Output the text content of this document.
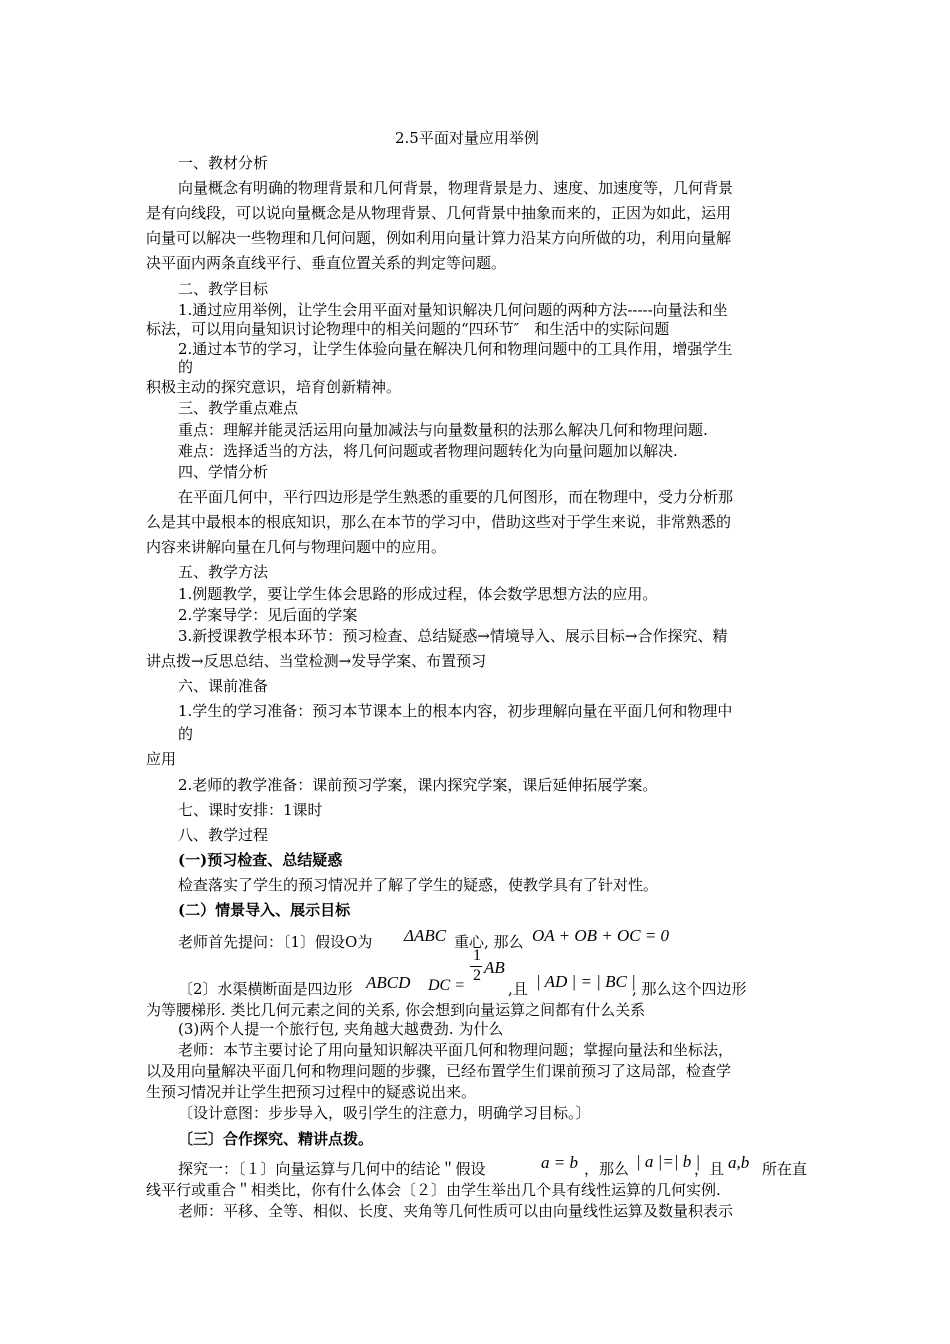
2.5平面对量应用举例
一、教材分析
向量概念有明确的物理背景和几何背景，物理背景是力、速度、加速度等，几何背景
是有向线段，可以说向量概念是从物理背景、几何背景中抽象而来的，正因为如此，运用
向量可以解决一些物理和几何问题，例如利用向量计算力沿某方向所做的功，利用向量解
决平面内两条直线平行、垂直位置关系的判定等问题。
二、教学目标
1.通过应用举例，让学生会用平面对量知识解决几何问题的两种方法-----向量法和坐
标法，可以用向量知识讨论物理中的相关问题的“四环节″　和生活中的实际问题
2.通过本节的学习，让学生体验向量在解决几何和物理问题中的工具作用，增强学生
的
积极主动的探究意识，培育创新精神。
三、教学重点难点
重点：理解并能灵活运用向量加减法与向量数量积的法那么解决几何和物理问题.
难点：选择适当的方法，将几何问题或者物理问题转化为向量问题加以解决.
四、学情分析
在平面几何中，平行四边形是学生熟悉的重要的几何图形，而在物理中，受力分析那
么是其中最根本的根底知识，那么在本节的学习中，借助这些对于学生来说，非常熟悉的
内容来讲解向量在几何与物理问题中的应用。
五、教学方法
1.例题教学，要让学生体会思路的形成过程，体会数学思想方法的应用。
2.学案导学：见后面的学案
3.新授课教学根本环节：预习检查、总结疑惑→情境导入、展示目标→合作探究、精
讲点拨→反思总结、当堂检测→发导学案、布置预习
六、课前准备
1.学生的学习准备：预习本节课本上的根本内容，初步理解向量在平面几何和物理中
的
应用
2.老师的教学准备：课前预习学案，课内探究学案，课后延伸拓展学案。
七、课时安排：1课时
八、教学过程
(一)预习检查、总结疑惑
检查落实了学生的预习情况并了解了学生的疑惑，使教学具有了针对性。
(二）情景导入、展示目标
老师首先提问：〔1〕假设O为 ΔABC 重心, 那么 OA + OB + OC = 0
1
2 AB
〔2〕水渠横断面是四边形 ABCD DC =	,且 | AD | = | BC |
, 那么这个四边形
为等腰梯形. 类比几何元素之间的关系, 你会想到向量运算之间都有什么关系
(3)两个人提一个旅行包, 夹角越大越费劲. 为什么
老师：本节主要讨论了用向量知识解决平面几何和物理问题；掌握向量法和坐标法，
以及用向量解决平面几何和物理问题的步骤，已经布置学生们课前预习了这局部，检查学
生预习情况并让学生把预习过程中的疑惑说出来。
〔设计意图：步步导入，吸引学生的注意力，明确学习目标。〕
〔三〕合作探究、精讲点拨。
探究一：〔１〕向量运算与几何中的结论＂假设	a = b ，那么 | a |=| b |
，且 a,b 所在直
线平行或重合＂相类比，你有什么体会〔２〕由学生举出几个具有线性运算的几何实例.
老师：平移、全等、相似、长度、夹角等几何性质可以由向量线性运算及数量积表示
